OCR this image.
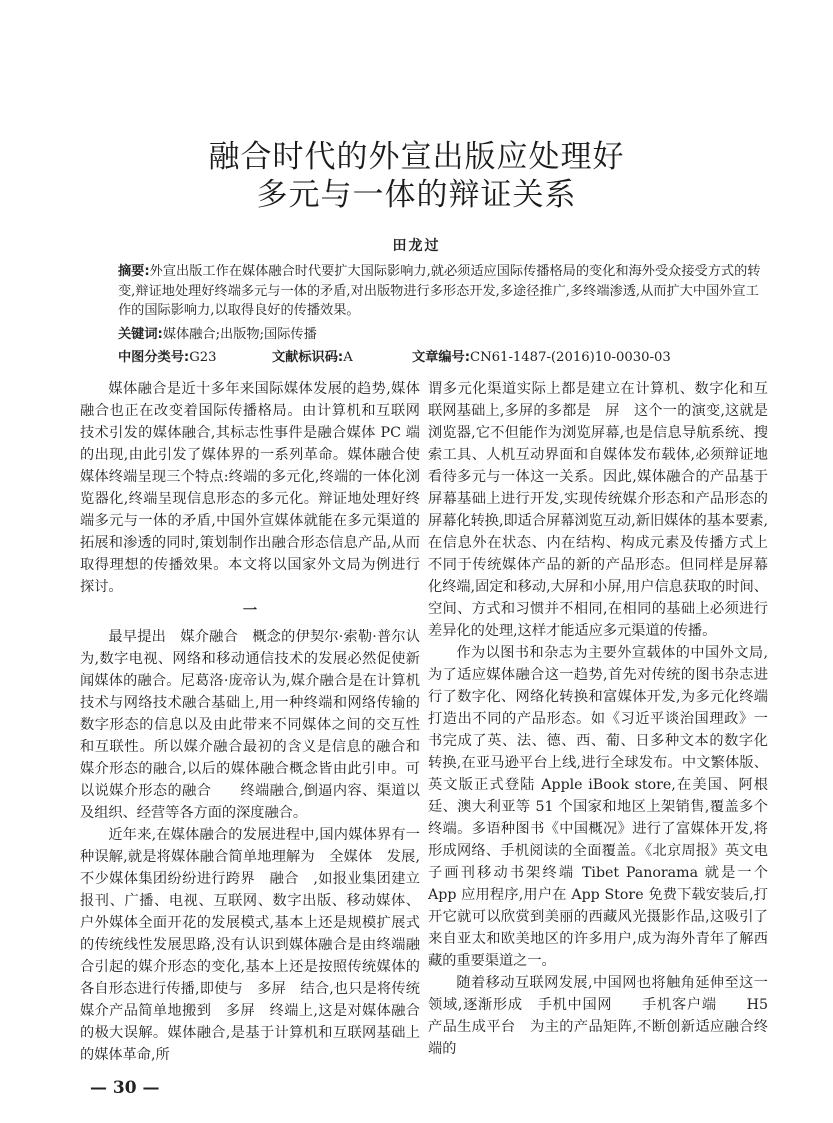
融合时代的外宣出版应处理好
多元与一体的辩证关系
田龙过
摘要:外宣出版工作在媒体融合时代要扩大国际影响力,就必须适应国际传播格局的变化和海外受众接受方式的转变,辩证地处理好终端多元与一体的矛盾,对出版物进行多形态开发,多途径推广,多终端渗透,从而扩大中国外宣工作的国际影响力,以取得良好的传播效果。
关键词:媒体融合;出版物;国际传播
中图分类号:G23	文献标识码:A	文章编号:CN61-1487-(2016)10-0030-03

媒体融合是近十多年来国际媒体发展的趋势,媒体融合也正在改变着国际传播格局。由计算机和互联网技术引发的媒体融合,其标志性事件是融合媒体 PC 端的出现,由此引发了媒体界的一系列革命。媒体融合使媒体终端呈现三个特点:终端的多元化,终端的一体化浏览器化,终端呈现信息形态的多元化。辩证地处理好终端多元与一体的矛盾,中国外宣媒体就能在多元渠道的拓展和渗透的同时,策划制作出融合形态信息产品,从而取得理想的传播效果。本文将以国家外文局为例进行探讨。

一

最早提出　媒介融合　概念的伊契尔·索勒·普尔认为,数字电视、网络和移动通信技术的发展必然促使新闻媒体的融合。尼葛洛·庞帝认为,媒介融合是在计算机技术与网络技术融合基础上,用一种终端和网络传输的数字形态的信息以及由此带来不同媒体之间的交互性和互联性。所以媒介融合最初的含义是信息的融合和媒介形态的融合,以后的媒体融合概念皆由此引申。可以说媒介形态的融合　　终端融合,倒逼内容、渠道以及组织、经营等各方面的深度融合。

近年来,在媒体融合的发展进程中,国内媒体界有一种误解,就是将媒体融合简单地理解为　全媒体　发展,不少媒体集团纷纷进行跨界　融合　,如报业集团建立报刊、广播、电视、互联网、数字出版、移动媒体、户外媒体全面开花的发展模式,基本上还是规模扩展式的传统线性发展思路,没有认识到媒体融合是由终端融合引起的媒介形态的变化,基本上还是按照传统媒体的各自形态进行传播,即使与　多屏　结合,也只是将传统媒介产品简单地搬到　多屏　终端上,这是对媒体融合的极大误解。媒体融合,是基于计算机和互联网基础上的媒体革命,所

谓多元化渠道实际上都是建立在计算机、数字化和互联网基础上,多屏的多都是　屏　这个一的演变,这就是浏览器,它不但能作为浏览屏幕,也是信息导航系统、搜索工具、人机互动界面和自媒体发布载体,必须辩证地看待多元与一体这一关系。因此,媒体融合的产品基于屏幕基础上进行开发,实现传统媒介形态和产品形态的屏幕化转换,即适合屏幕浏览互动,新旧媒体的基本要素,在信息外在状态、内在结构、构成元素及传播方式上不同于传统媒体产品的新的产品形态。但同样是屏幕化终端,固定和移动,大屏和小屏,用户信息获取的时间、空间、方式和习惯并不相同,在相同的基础上必须进行差异化的处理,这样才能适应多元渠道的传播。

作为以图书和杂志为主要外宣载体的中国外文局,为了适应媒体融合这一趋势,首先对传统的图书杂志进行了数字化、网络化转换和富媒体开发,为多元化终端打造出不同的产品形态。如《习近平谈治国理政》一书完成了英、法、德、西、葡、日多种文本的数字化转换,在亚马逊平台上线,进行全球发布。中文繁体版、英文版正式登陆 Apple iBook store,在美国、阿根廷、澳大利亚等 51 个国家和地区上架销售,覆盖多个终端。多语种图书《中国概况》进行了富媒体开发,将形成网络、手机阅读的全面覆盖。《北京周报》英文电子画刊移动书架终端 Tibet Panorama 就是一个 App 应用程序,用户在 App Store 免费下载安装后,打开它就可以欣赏到美丽的西藏风光摄影作品,这吸引了来自亚太和欧美地区的许多用户,成为海外青年了解西藏的重要渠道之一。

随着移动互联网发展,中国网也将触角延伸至这一领域,逐渐形成　手机中国网　　手机客户端　　H5 产品生成平台　为主的产品矩阵,不断创新适应融合终端的

— 30 —
